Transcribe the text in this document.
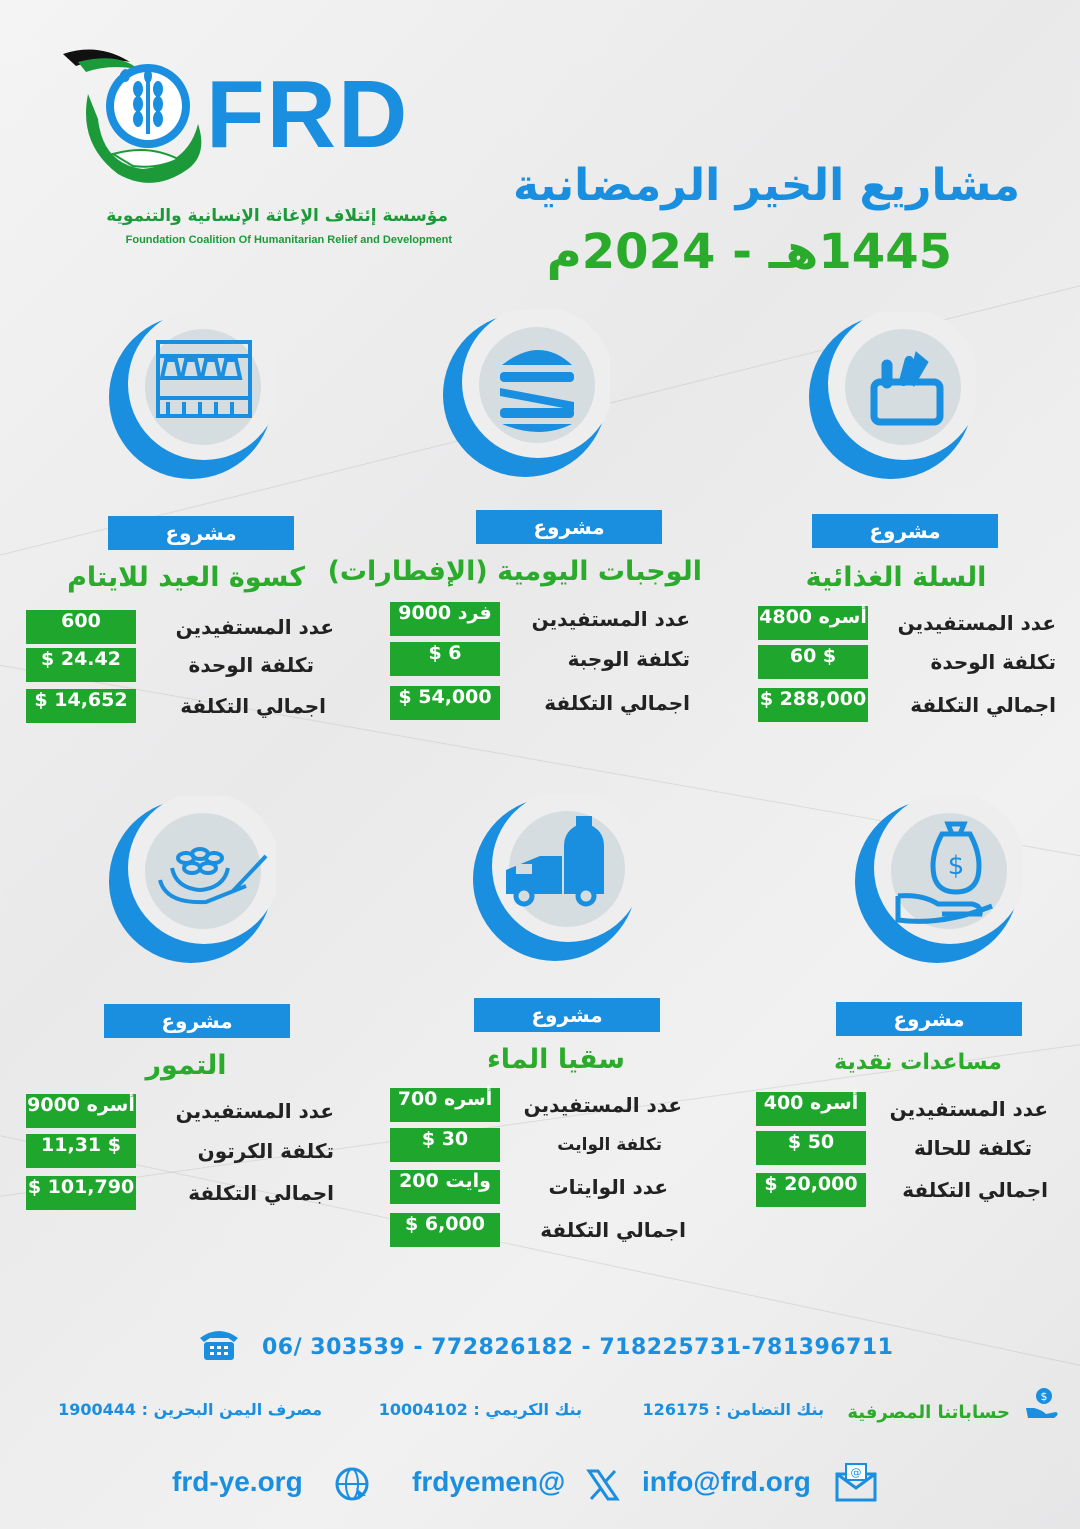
FRD
مؤسسة إئتلاف الإغاثة الإنسانية والتنموية
Foundation Coalition Of Humanitarian Relief and Development
مشاريع الخير الرمضانية
1445هـ - 2024م
مشروع
السلة الغذائية
عدد المستفيدين
4800 أسره
تكلفة الوحدة
60 $
اجمالي التكلفة
$ 288,000
مشروع
الوجبات اليومية (الإفطارات)
عدد المستفيدين
9000 فرد
تكلفة الوجبة
$ 6
اجمالي التكلفة
$ 54,000
مشروع
كسوة العيد للايتام
عدد المستفيدين
600
تكلفة الوحدة
$ 24.42
اجمالي التكلفة
$ 14,652
$
مشروع
مساعدات نقدية
عدد المستفيدين
400 أسره
تكلفة للحالة
$ 50
اجمالي التكلفة
$ 20,000
مشروع
سقيا الماء
عدد المستفيدين
700 أسره
تكلفة الوايت
$ 30
عدد الوايتات
200 وايت
اجمالي التكلفة
$ 6,000
مشروع
التمور
عدد المستفيدين
9000 أسره
تكلفة الكرتون
11,31 $
اجمالي التكلفة
$ 101,790
06/ 303539 - 772826182 - 718225731-781396711
$
حساباتنا المصرفية
بنك التضامن : 126175
بنك الكريمي : 10004102
مصرف اليمن البحرين : 1900444
@
info@frd.org
frdyemen@
frd-ye.org
